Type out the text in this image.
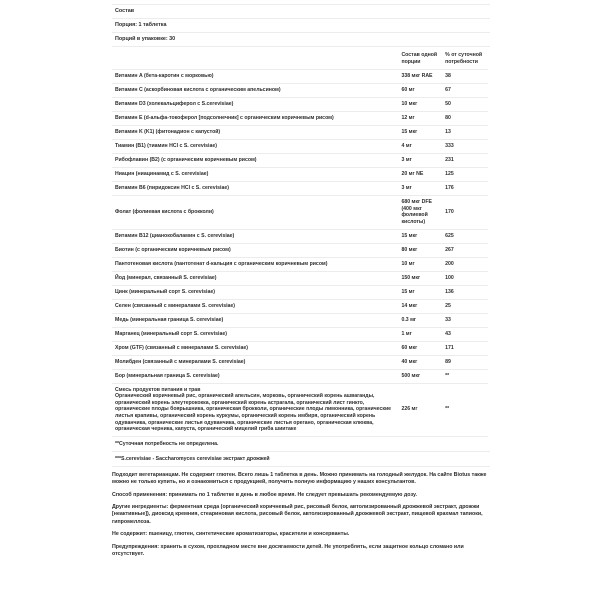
Состав
Порция: 1 таблетка
Порций в упаковке: 30
	Состав одной порции	% от суточной потребности
Витамин A (бета-каротин с морковью)	338 мкг RAE	38
Витамин C (аскорбиновая кислота с органическим апельсином)	60 мг	67
Витамин D3 (холекальциферол с S.cerevisiae)	10 мкг	50
Витамин E (d-альфа-токоферол [подсолнечник] с органическим коричневым рисом)	12 мг	80
Витамин K (K1) (фитонадион с капустой)	15 мкг	13
Тиамин (B1) (тиамин HCl с S. cerevisiae)	4 мг	333
Рибофлавин (B2) (с органическим коричневым рисом)	3 мг	231
Ниацин (ниацинамид с S. cerevisiae)	20 мг NE	125
Витамин B6 (пиридоксин HCl с S. cerevisiae)	3 мг	176
Фолат (фолиевая кислота с брокколи)	680 мкг DFE (400 мкг фолиевой кислоты)	170
Витамин B12 (цианокобаламин с S. cerevisiae)	15 мкг	625
Биотин (с органическим коричневым рисом)	80 мкг	267
Пантотеновая кислота (пантотенат d-кальция с органическим коричневым рисом)	10 мг	200
Йод (минерал, связанный S. cerevisiae)	150 мкг	100
Цинк (минеральный сорт S. cerevisiae)	15 мг	136
Селен (связанный с минералами S. cerevisiae)	14 мкг	25
Медь (минеральная граница S. cerevisiae)	0.3 мг	33
Марганец (минеральный сорт S. cerevisiae)	1 мг	43
Хром (GTF) (связанный с минералами S. cerevisiae)	60 мкг	171
Молибден (связанный с минералами S. cerevisiae)	40 мкг	89
Бор (минеральная граница S. cerevisiae)	500 мкг	**

Смесь продуктов питания и трав
Органический коричневый рис, органический апельсин, морковь, органический корень ашваганды, органический корень элеутерококка, органический корень астрагала, органический лист гинкго, органические плоды боярышника, органическая брокколи, органические плоды лимонника, органические листья крапивы, органический корень куркумы, органический корень имбиря, органический корень одуванчика, органические листья одуванчика, органические листья орегано, органическая клюква, органическая черника, капуста, органический мицелий гриба шиитаке	226 мг	**
**Суточная потребность не определена.
***S.cerevisiae - Saccharomyces cerevisiae экстракт дрожжей

Подходит вегетарианцам. Не содержит глютен. Всего лишь 1 таблетка в день. Можно принимать на голодный желудок. На сайте Biotus также можно не только купить, но и ознакомиться с продукцией, получить полную информацию у наших консультантов.

Способ применения: принимать по 1 таблетке в день в любое время. Не следует превышать рекомендуемую дозу.

Другие ингредиенты: ферментная среда (органический коричневый рис, рисовый белок, автолизированный дрожжевой экстракт, дрожжи [неактивные]), диоксид кремния, стеариновая кислота, рисовый белок, автолизированный дрожжевой экстракт, пищевой крахмал тапиоки, гипромеллоза.

Не содержит: пшеницу, глютен, синтетические ароматизаторы, красители и консерванты.

Предупреждения: хранить в сухом, прохладном месте вне досягаемости детей. Не употреблять, если защитное кольцо сломано или отсутствует.
